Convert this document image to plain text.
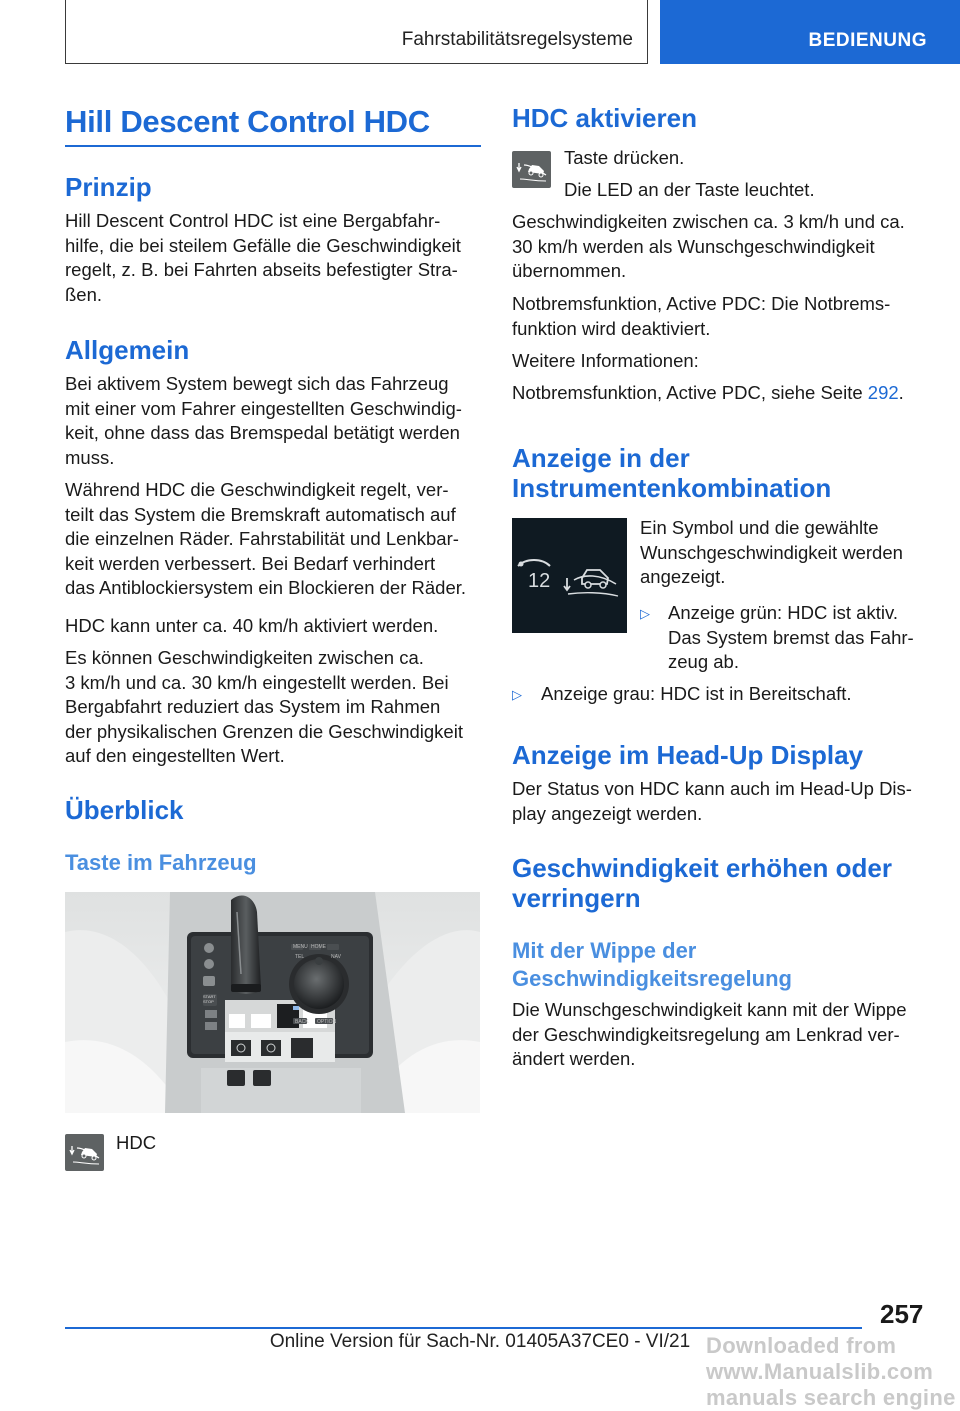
Fahrstabilitätsregelsysteme	BEDIENUNG
Hill Descent Control HDC
Prinzip
Hill Descent Control HDC ist eine Bergabfahr-
hilfe, die bei steilem Gefälle die Geschwindigkeit
regelt, z. B. bei Fahrten abseits befestigter Stra-
ßen.
Allgemein
Bei aktivem System bewegt sich das Fahrzeug
mit einer vom Fahrer eingestellten Geschwindig-
keit, ohne dass das Bremspedal betätigt werden
muss.
Während HDC die Geschwindigkeit regelt, ver-
teilt das System die Bremskraft automatisch auf
die einzelnen Räder. Fahrstabilität und Lenkbar-
keit werden verbessert. Bei Bedarf verhindert
das Antiblockiersystem ein Blockieren der Räder.
HDC kann unter ca. 40 km/h aktiviert werden.
Es können Geschwindigkeiten zwischen ca.
3 km/h und ca. 30 km/h eingestellt werden. Bei
Bergabfahrt reduziert das System im Rahmen
der physikalischen Grenzen die Geschwindigkeit
auf den eingestellten Wert.
Überblick
Taste im Fahrzeug
MENU HOME
TEL	NAV
START STOP
BACK OPTION
HDC
HDC aktivieren
Taste drücken.
Die LED an der Taste leuchtet.
Geschwindigkeiten zwischen ca. 3 km/h und ca.
30 km/h werden als Wunschgeschwindigkeit
übernommen.
Notbremsfunktion, Active PDC: Die Notbrems-
funktion wird deaktiviert.
Weitere Informationen:
Notbremsfunktion, Active PDC, siehe Seite 292.
Anzeige in der
Instrumentenkombination
12
Ein Symbol und die gewählte
Wunschgeschwindigkeit werden
angezeigt.
▷ Anzeige grün: HDC ist aktiv.
Das System bremst das Fahr-
zeug ab.
▷ Anzeige grau: HDC ist in Bereitschaft.
Anzeige im Head-Up Display
Der Status von HDC kann auch im Head-Up Dis-
play angezeigt werden.
Geschwindigkeit erhöhen oder
verringern
Mit der Wippe der
Geschwindigkeitsregelung
Die Wunschgeschwindigkeit kann mit der Wippe
der Geschwindigkeitsregelung am Lenkrad ver-
ändert werden.
257
Online Version für Sach-Nr. 01405A37CE0 - VI/21 Downloaded from www.Manualslib.com manuals search engine
